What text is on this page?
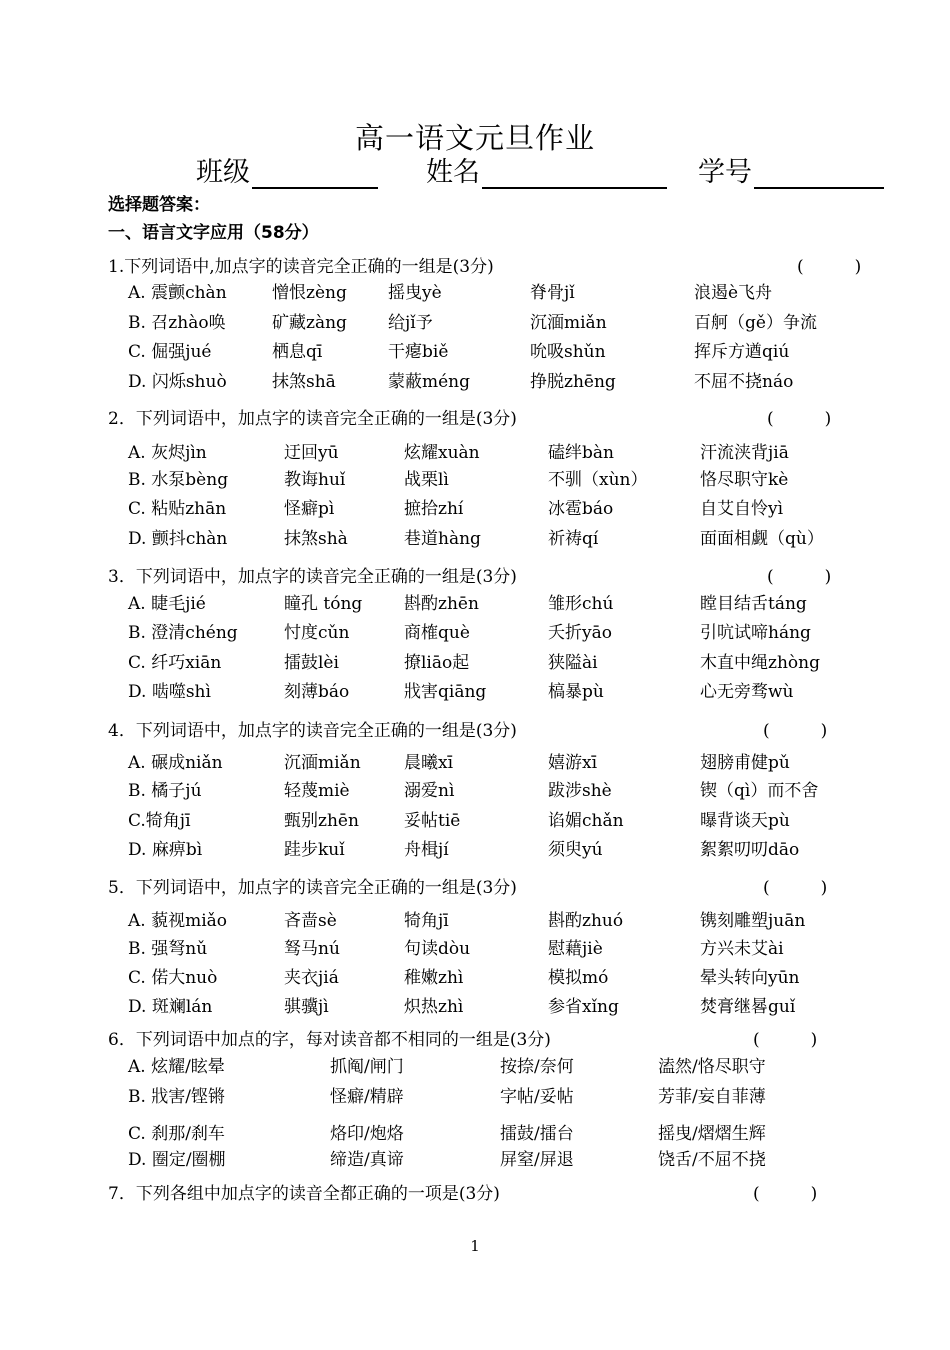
高一语文元旦作业
班级	姓名	学号
选择题答案：
一、语言文字应用（58分）
1.下列词语中,加点字的读音完全正确的一组是(3分)	(　　　)
A. 震颤chàn	憎恨zèng 摇曳yè	脊骨jǐ	浪遏è飞舟
B. 召zhào唤	矿藏zàng 给jǐ予	沉湎miǎn	百舸（gě）争流
C. 倔强jué	栖息qī	干瘪biě	吮吸shǔn	挥斥方遒qiú
D. 闪烁shuò	抹煞shā	蒙蔽méng	挣脱zhēng	不屈不挠náo
2．下列词语中，加点字的读音完全正确的一组是(3分)	(　　　)
A. 灰烬jìn	迂回yū	炫耀xuàn	磕绊bàn	汗流浃背jiā
B. 水泵bèng	教诲huǐ	战栗lì	不驯（xùn）	恪尽职守kè
C. 粘贴zhān	怪癖pì	摭拾zhí	冰雹báo	自艾自怜yì
D. 颤抖chàn	抹煞shà	巷道hàng	祈祷qí	面面相觑（qù）
3．下列词语中，加点字的读音完全正确的一组是(3分)	(　　　)
A. 睫毛jié	瞳孔 tóng 斟酌zhēn	雏形chú	瞠目结舌táng
B. 澄清chéng	忖度cǔn	商榷què	夭折yāo	引吭试啼háng
C. 纤巧xiān	擂鼓lèi	撩liāo起	狭隘ài	木直中绳zhòng
D. 啮噬shì	刻薄báo	戕害qiāng	槁暴pù	心无旁骛wù
4．下列词语中，加点字的读音完全正确的一组是(3分)	(　　　)
A. 碾成niǎn	沉湎miǎn	晨曦xī	嬉游xī	翅膀甫健pǔ
B. 橘子jú	轻蔑miè	溺爱nì	跋涉shè	锲（qì）而不舍
C.犄角jī	甄别zhēn	妥帖tiē	谄媚chǎn	曝背谈天pù
D. 麻痹bì	跬步kuǐ	舟楫jí	须臾yú	絮絮叨叨dāo
5．下列词语中，加点字的读音完全正确的一组是(3分)	(　　　)
A. 藐视miǎo	吝啬sè	犄角jī	斟酌zhuó	镌刻雕塑juān
B. 强弩nǔ	驽马nú	句读dòu	慰藉jiè	方兴未艾ài
C. 偌大nuò	夹衣jiá	稚嫩zhì	模拟mó	晕头转向yūn
D. 斑斓lán	骐骥jì	炽热zhì	参省xǐng	焚膏继晷guǐ
6．下列词语中加点的字，每对读音都不相同的一组是(3分)	(　　　)
A. 炫耀/眩晕	抓阄/闸门	按捺/奈何	溘然/恪尽职守
B. 戕害/铿锵	怪癖/精辟	字帖/妥帖	芳菲/妄自菲薄
C. 刹那/刹车	烙印/炮烙	擂鼓/擂台	摇曳/熠熠生辉
D. 圈定/圈棚	缔造/真谛	屏窒/屏退	饶舌/不屈不挠
7．下列各组中加点字的读音全都正确的一项是(3分)	(　　　)
1
